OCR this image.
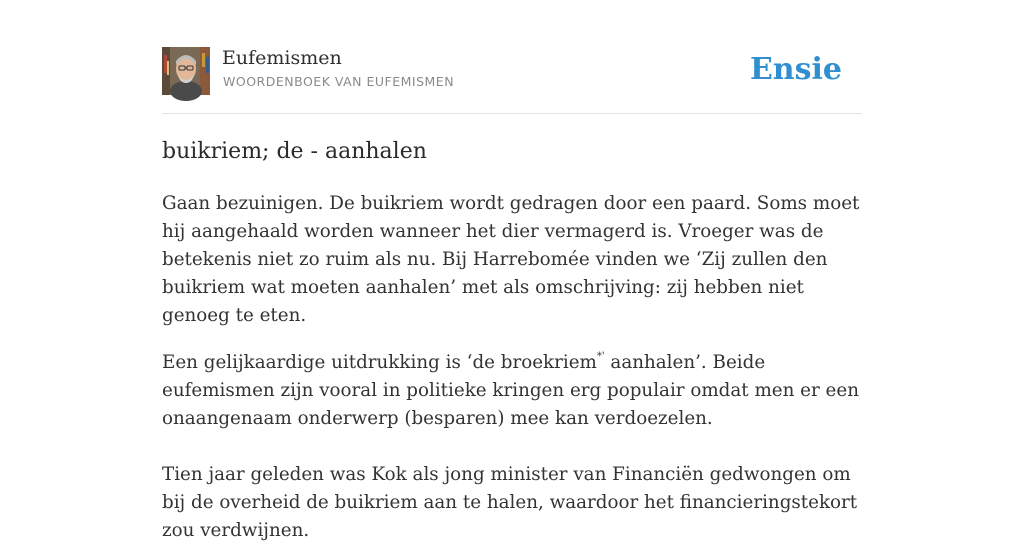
Eufemismen
WOORDENBOEK VAN EUFEMISMEN	Ensie
buikriem; de - aanhalen

Gaan bezuinigen. De buikriem wordt gedragen door een paard. Soms moet hij aangehaald worden wanneer het dier vermagerd is. Vroeger was de betekenis niet zo ruim als nu. Bij Harrebomée vinden we ‘Zij zullen den buikriem wat moeten aanhalen’ met als omschrijving: zij hebben niet genoeg te eten.

Een gelijkaardige uitdrukking is ‘de broekriem*' aanhalen’. Beide eufemismen zijn vooral in politieke kringen erg populair omdat men er een onaangenaam onderwerp (besparen) mee kan verdoezelen.

Tien jaar geleden was Kok als jong minister van Financiën gedwongen om bij de overheid de buikriem aan te halen, waardoor het financieringstekort zou verdwijnen.
